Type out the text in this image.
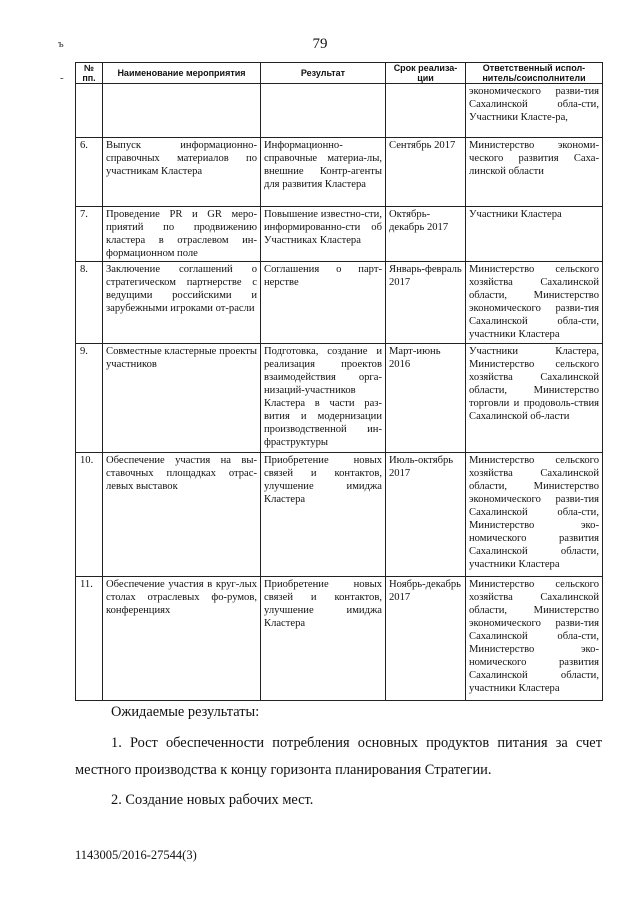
79
ъ
-
№ пп.	Наименование мероприятия	Результат	Срок реализа-ции	Ответственный испол-нитель/соисполнители
				экономического разви-тия Сахалинской обла-сти, Участники Класте-ра,
6.	Выпуск информационно-справочных материалов по участникам Кластера	Информационно-справочные материа-лы, внешние Контр-агенты для развития Кластера	Сентябрь 2017	Министерство экономи-ческого развития Саха-линской области
7.	Проведение PR и GR меро-приятий по продвижению кластера в отраслевом ин-формационном поле	Повышение известно-сти, информированно-сти об Участниках Кластера	Октябрь-декабрь 2017	Участники Кластера
8.	Заключение соглашений о стратегическом партнерстве с ведущими российскими и зарубежными игроками от-расли	Соглашения о парт-нерстве	Январь-февраль 2017	Министерство сельского хозяйства Сахалинской области, Министерство экономического разви-тия Сахалинской обла-сти, участники Кластера
9.	Совместные кластерные проекты участников	Подготовка, создание и реализация проектов взаимодействия орга-низаций-участников Кластера в части раз-вития и модернизации производственной ин-фраструктуры	Март-июнь 2016	Участники Кластера, Министерство сельского хозяйства Сахалинской области, Министерство торговли и продоволь-ствия Сахалинской об-ласти
10.	Обеспечение участия на вы-ставочных площадках отрас-левых выставок	Приобретение новых связей и контактов, улучшение имиджа Кластера	Июль-октябрь 2017	Министерство сельского хозяйства Сахалинской области, Министерство экономического разви-тия Сахалинской обла-сти, Министерство эко-номического развития Сахалинской области, участники Кластера
11.	Обеспечение участия в круг-лых столах отраслевых фо-румов, конференциях	Приобретение новых связей и контактов, улучшение имиджа Кластера	Ноябрь-декабрь 2017	Министерство сельского хозяйства Сахалинской области, Министерство экономического разви-тия Сахалинской обла-сти, Министерство эко-номического развития Сахалинской области, участники Кластера

Ожидаемые результаты:

1. Рост обеспеченности потребления основных продуктов питания за счет местного производства к концу горизонта планирования Стратегии.

2. Создание новых рабочих мест.

1143005/2016-27544(3)
